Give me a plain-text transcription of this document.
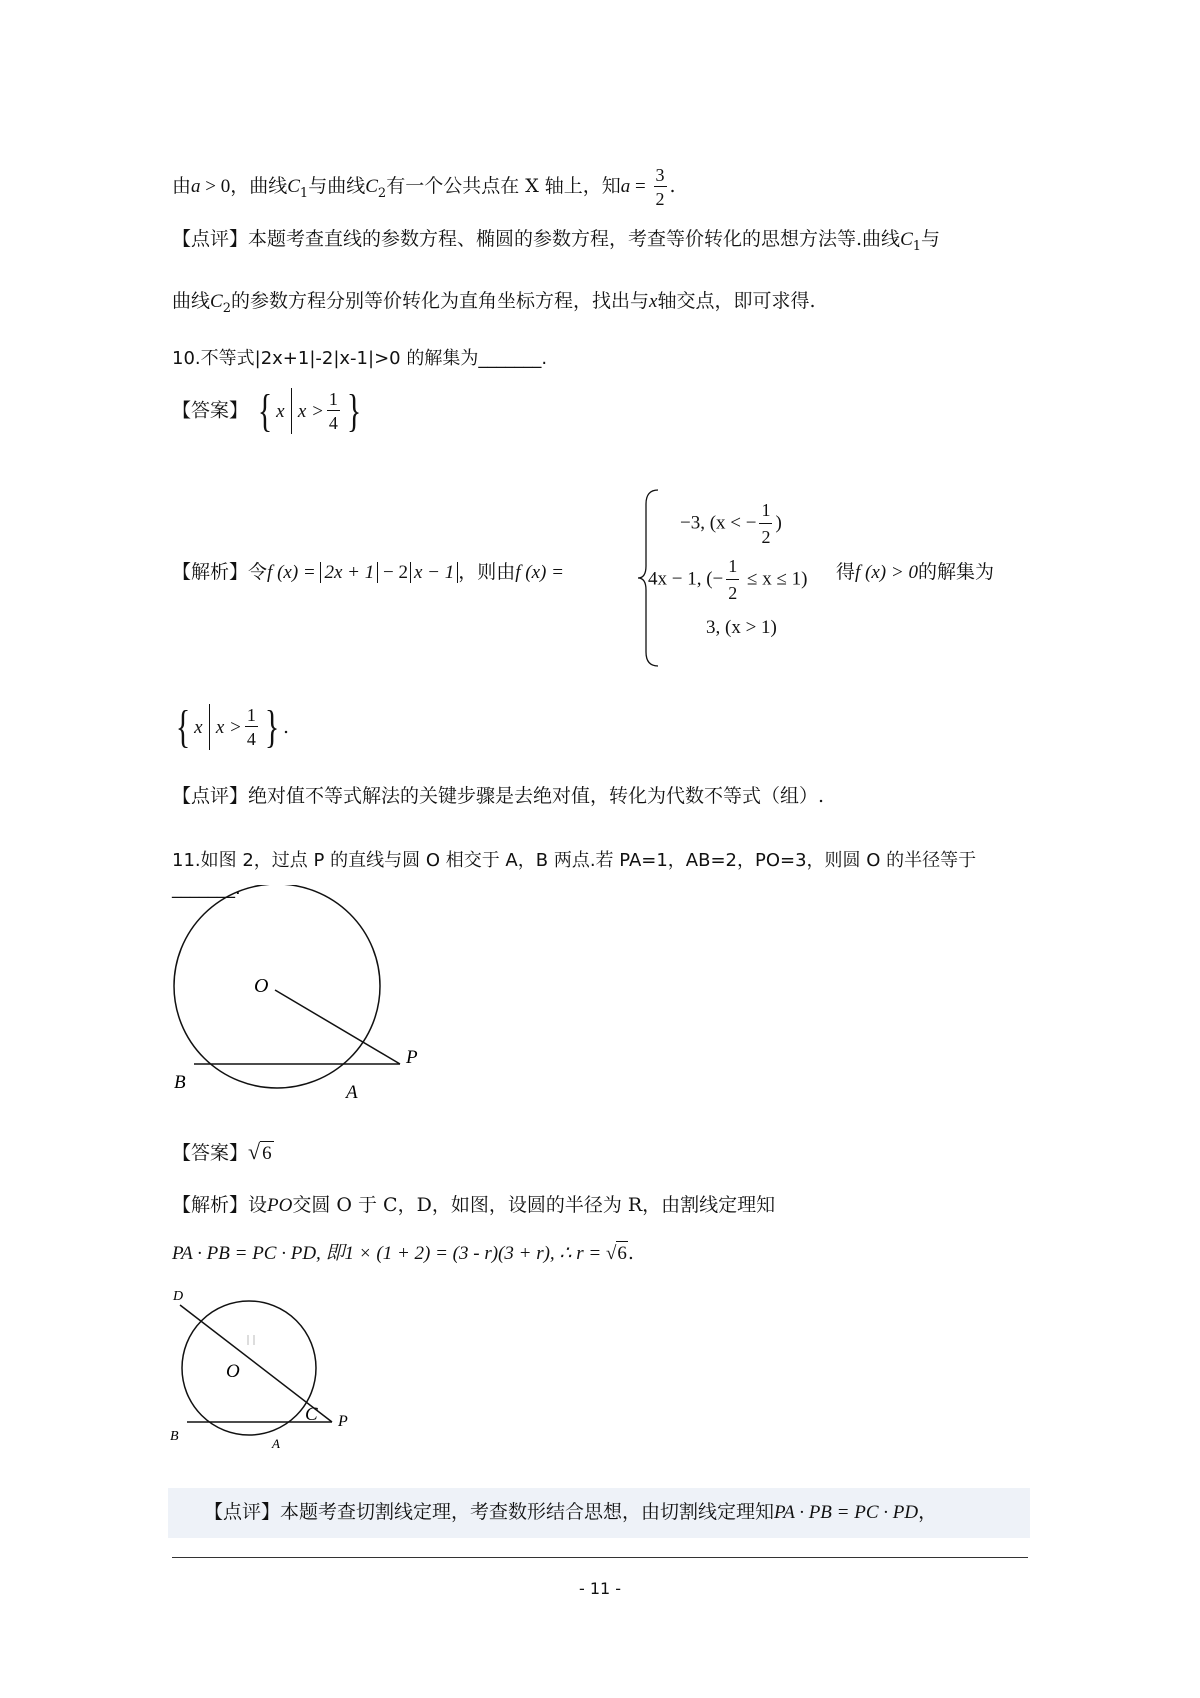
由a > 0，曲线$C_1$与曲线$C_2$有一个公共点在 X 轴上，知$a = \frac{3}{2}$ .
【点评】本题考查直线的参数方程、椭圆的参数方程，考查等价转化的思想方法等.曲线$C_1$与
曲线$C_2$的参数方程分别等价转化为直角坐标方程，找出与x轴交点，即可求得.
10.不等式|2x+1|-2|x-1|>0 的解集为_______.
【答案】 { x $x > \frac{1}{4}$ }
【解析】令f (x) = 2x + 1 − 2 x − 1 ，则由f (x) =
−3, (x < − $\frac{1}{2}$ )
4x − 1, (− $\frac{1}{2} \le x \le 1$)
3, (x > 1)
得f (x) > 0的解集为
{ x $x > \frac{1}{4}$ } .
【点评】绝对值不等式解法的关键步骤是去绝对值，转化为代数不等式（组）.
11.如图 2，过点 P 的直线与圆 O 相交于 A，B 两点.若 PA=1，AB=2，PO=3，则圆 O 的半径等于
_______.
O
P
B	A
【答案】√ 6
【解析】设PO交圆 O 于 C，D，如图，设圆的半径为 R，由割线定理知
PA · PB = PC · PD, 即1 × (1 + 2) = (3 - r)(3 + r), ∴ r = √6.
D
O
C P
B	A
【点评】本题考查切割线定理，考查数形结合思想，由切割线定理知PA · PB = PC · PD，
- 11 -
